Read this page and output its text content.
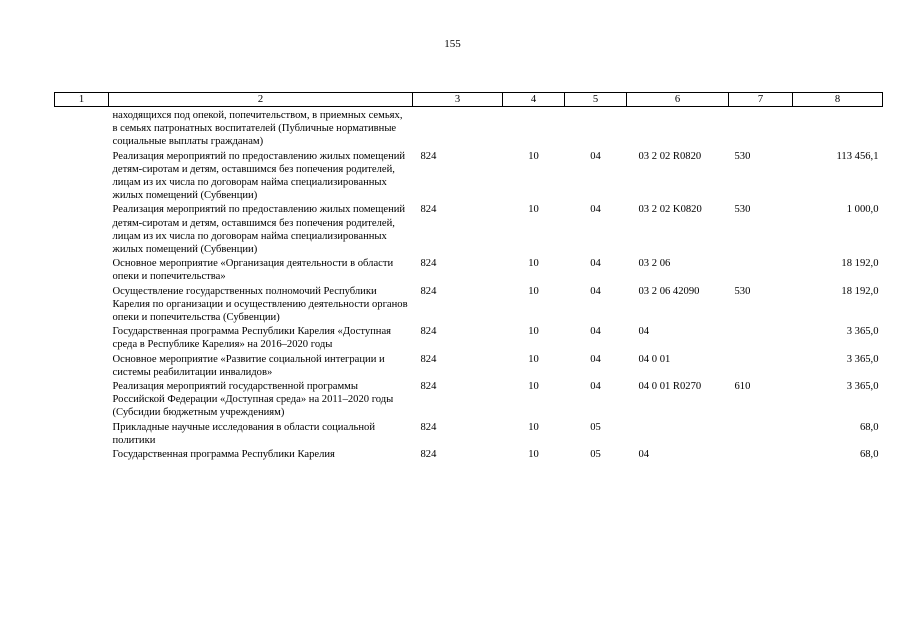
155
1	2	3	4	5	6	7	8
	находящихся под опекой, попечительством, в приемных семьях, в семьях патронатных воспитателей (Публичные нормативные социальные выплаты гражданам)						
	Реализация мероприятий по предоставлению жилых помещений детям-сиротам и детям, оставшимся без попечения родителей, лицам из их числа по договорам найма специализированных жилых помещений (Субвенции)	824	10	04	03 2 02 R0820	530	113 456,1
	Реализация мероприятий по предоставлению жилых помещений детям-сиротам и детям, оставшимся без попечения родителей, лицам из их числа по договорам найма специализированных жилых помещений (Субвенции)	824	10	04	03 2 02 K0820	530	1 000,0
	Основное мероприятие «Организация деятельности в области опеки и попечительства»	824	10	04	03 2 06		18 192,0
	Осуществление государственных полномочий Республики Карелия по организации и осуществлению деятельности органов опеки и попечительства (Субвенции)	824	10	04	03 2 06 42090	530	18 192,0
	Государственная программа Республики Карелия «Доступная среда в Республике Карелия» на 2016–2020 годы	824	10	04	04		3 365,0
	Основное мероприятие «Развитие социальной интеграции и системы реабилитации инвалидов»	824	10	04	04 0 01		3 365,0
	Реализация мероприятий государственной программы Российской Федерации «Доступная среда» на 2011–2020 годы (Субсидии бюджетным учреждениям)	824	10	04	04 0 01 R0270	610	3 365,0
	Прикладные научные исследования в области социальной политики	824	10	05			68,0
	Государственная программа Республики Карелия	824	10	05	04		68,0
